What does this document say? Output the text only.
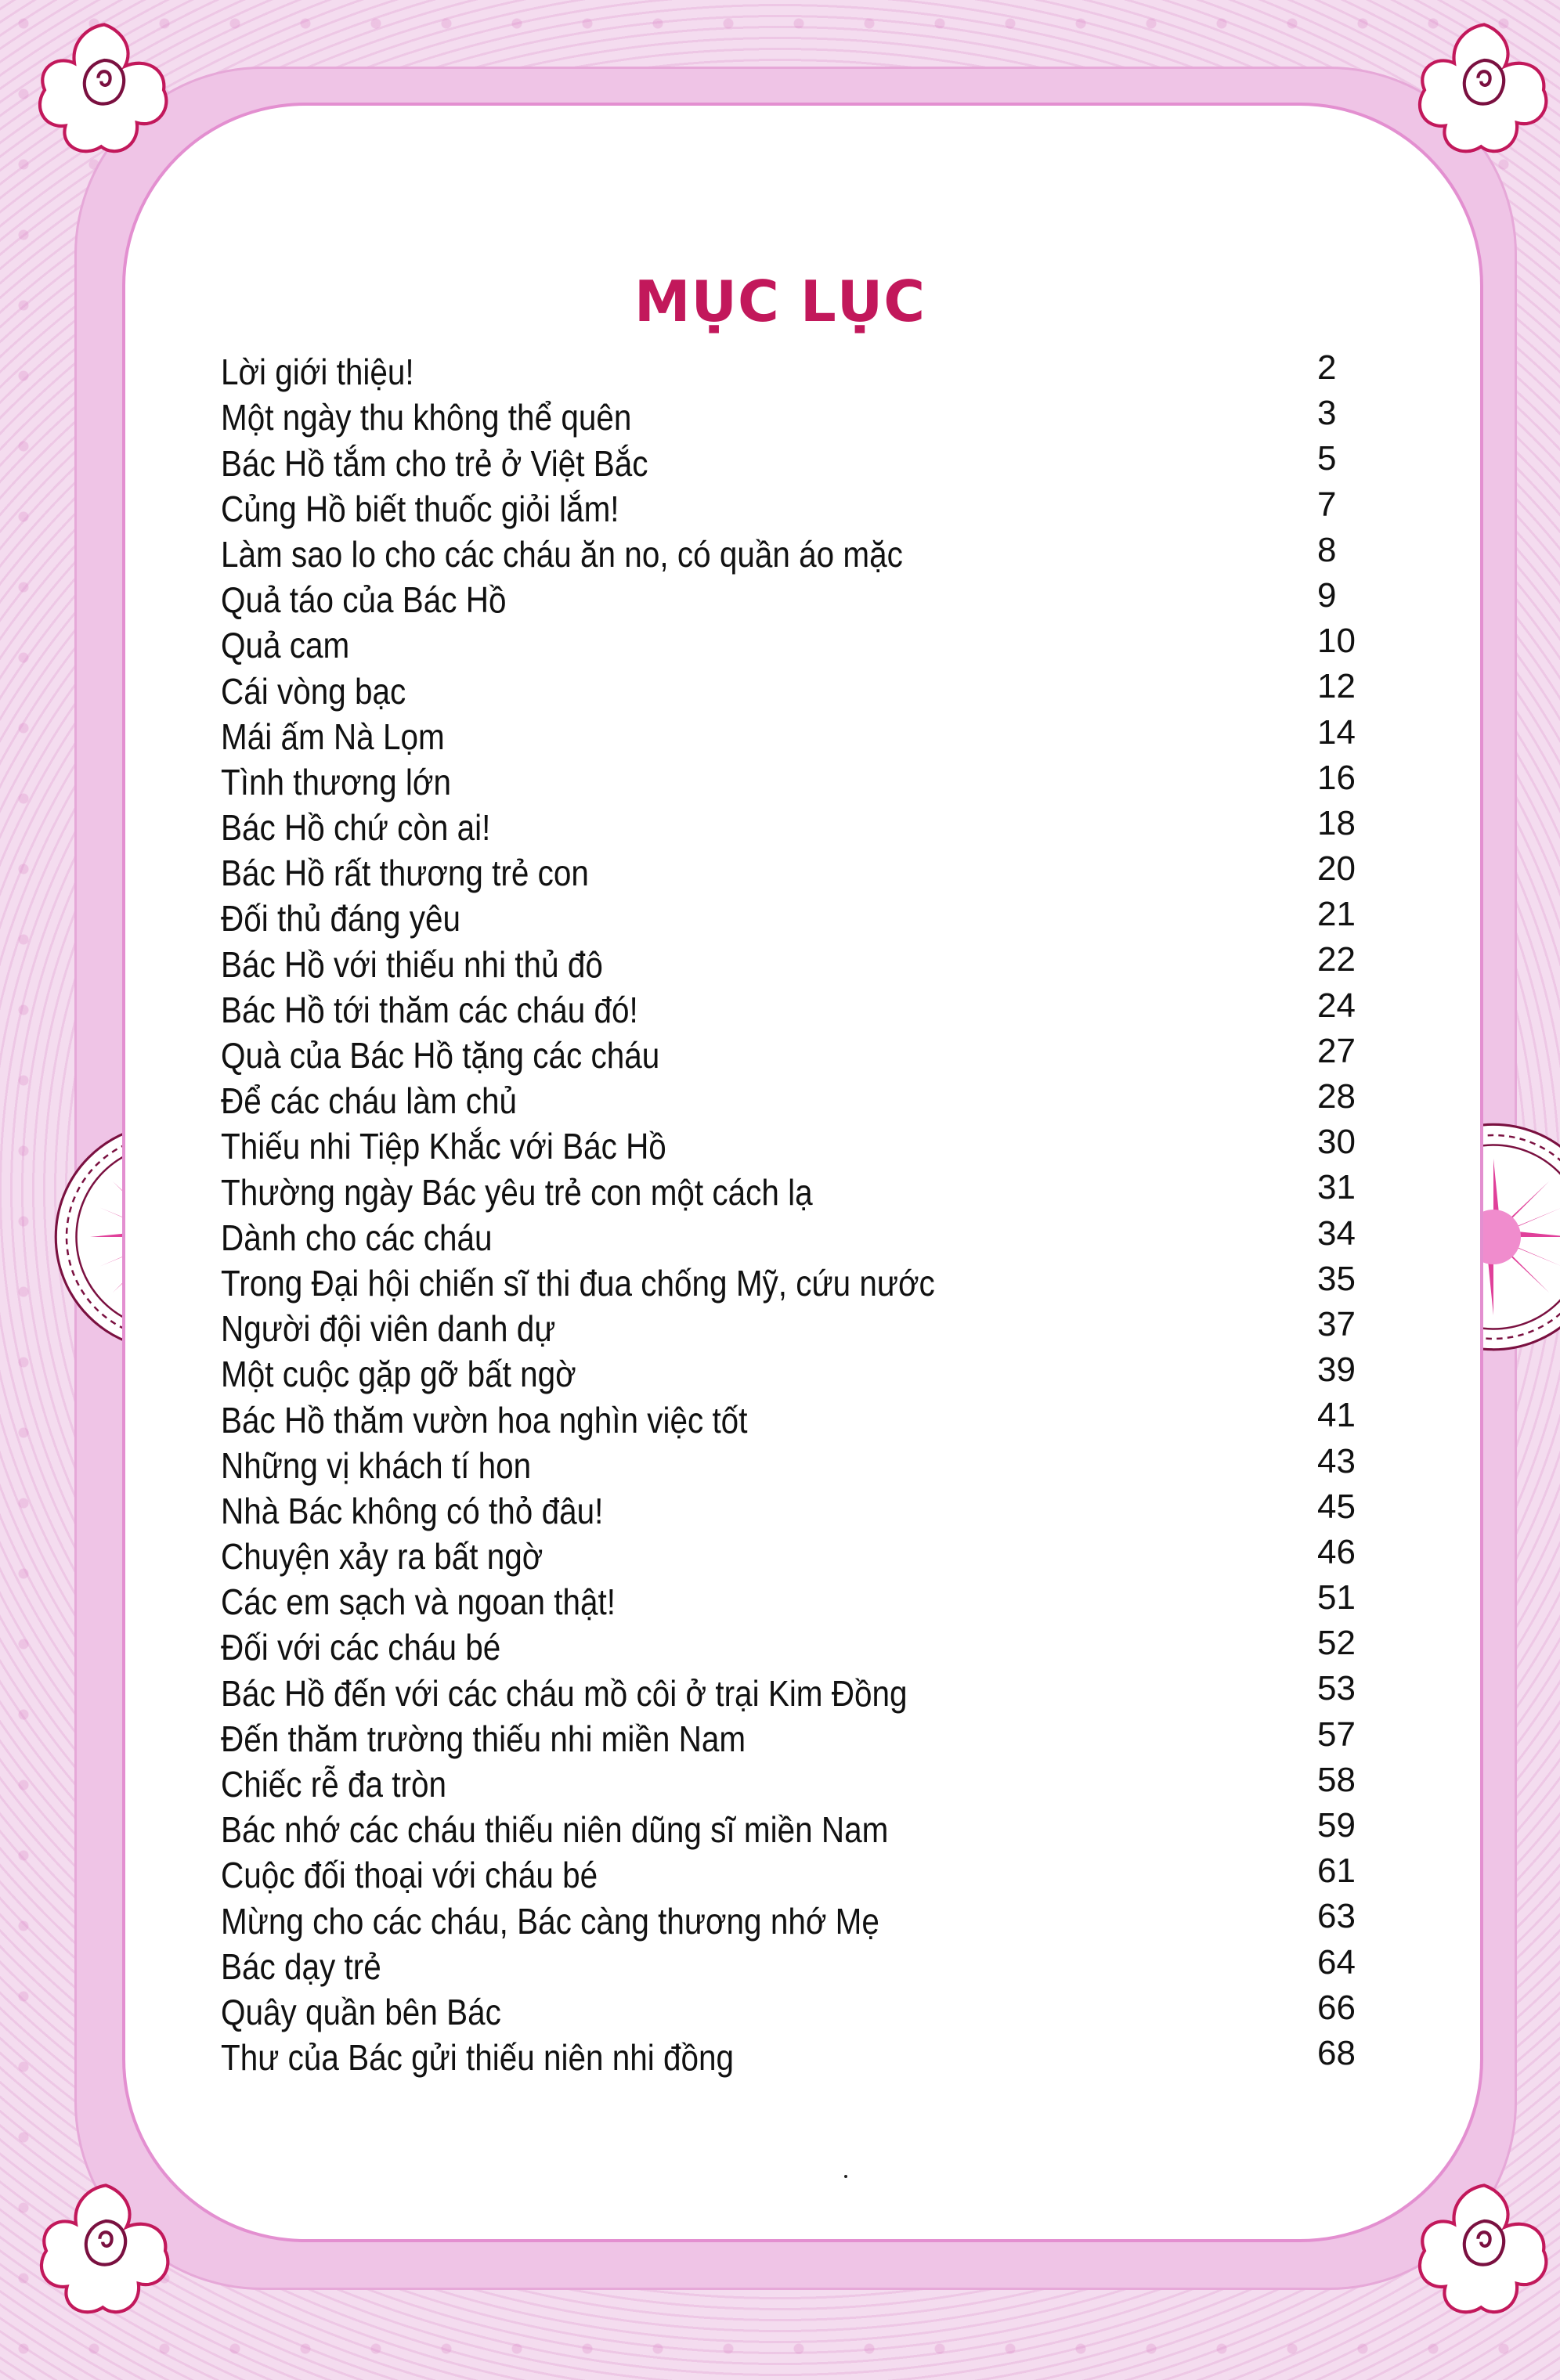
MỤC LỤC
Lời giới thiệu!	2
Một ngày thu không thể quên	3
Bác Hồ tắm cho trẻ ở Việt Bắc	5
Củng Hồ biết thuốc giỏi lắm!	7
Làm sao lo cho các cháu ăn no, có quần áo mặc	8
Quả táo của Bác Hồ	9
Quả cam	10
Cái vòng bạc	12
Mái ấm Nà Lọm	14
Tình thương lớn	16
Bác Hồ chứ còn ai!	18
Bác Hồ rất thương trẻ con	20
Đối thủ đáng yêu	21
Bác Hồ với thiếu nhi thủ đô	22
Bác Hồ tới thăm các cháu đó!	24
Quà của Bác Hồ tặng các cháu	27
Để các cháu làm chủ	28
Thiếu nhi Tiệp Khắc với Bác Hồ	30
Thường ngày Bác yêu trẻ con một cách lạ	31
Dành cho các cháu	34
Trong Đại hội chiến sĩ thi đua chống Mỹ, cứu nước	35
Người đội viên danh dự	37
Một cuộc gặp gỡ bất ngờ	39
Bác Hồ thăm vườn hoa nghìn việc tốt	41
Những vị khách tí hon	43
Nhà Bác không có thỏ đâu!	45
Chuyện xảy ra bất ngờ	46
Các em sạch và ngoan thật!	51
Đối với các cháu bé	52
Bác Hồ đến với các cháu mồ côi ở trại Kim Đồng	53
Đến thăm trường thiếu nhi miền Nam	57
Chiếc rễ đa tròn	58
Bác nhớ các cháu thiếu niên dũng sĩ miền Nam	59
Cuộc đối thoại với cháu bé	61
Mừng cho các cháu, Bác càng thương nhớ Mẹ	63
Bác dạy trẻ	64
Quây quần bên Bác	66
Thư của Bác gửi thiếu niên nhi đồng	68
